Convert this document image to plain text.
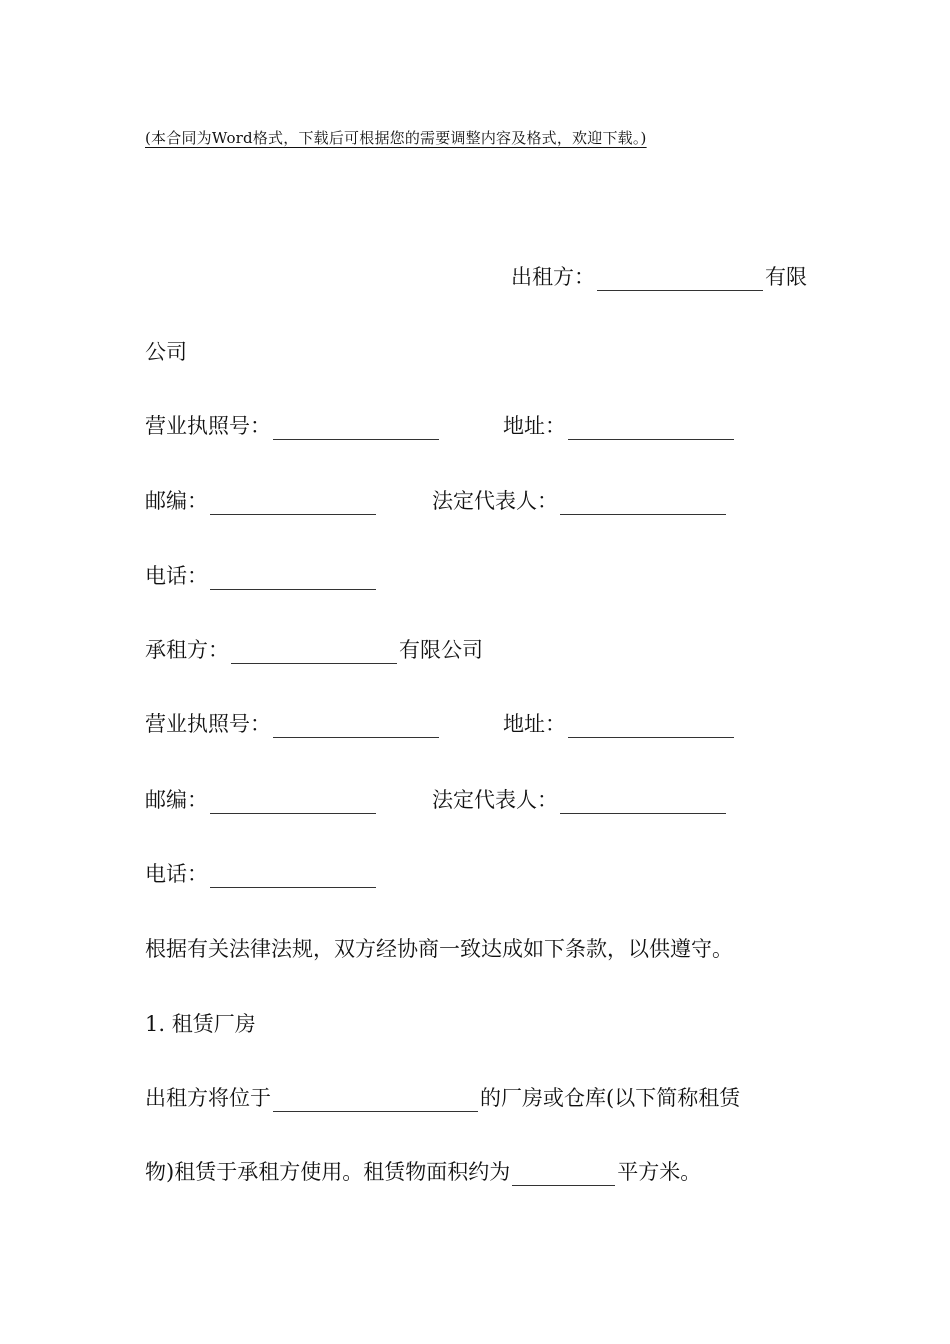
(本合同为Word格式，下载后可根据您的需要调整内容及格式，欢迎下载。)
出租方：	有限
公司
营业执照号：	地址：
邮编：	法定代表人：
电话：
承租方：	有限公司
营业执照号：	地址：
邮编：	法定代表人：
电话：
根据有关法律法规，双方经协商一致达成如下条款，以供遵守。
1. 租赁厂房
出租方将位于	的厂房或仓库(以下简称租赁
物)租赁于承租方使用。租赁物面积约为	平方米。
